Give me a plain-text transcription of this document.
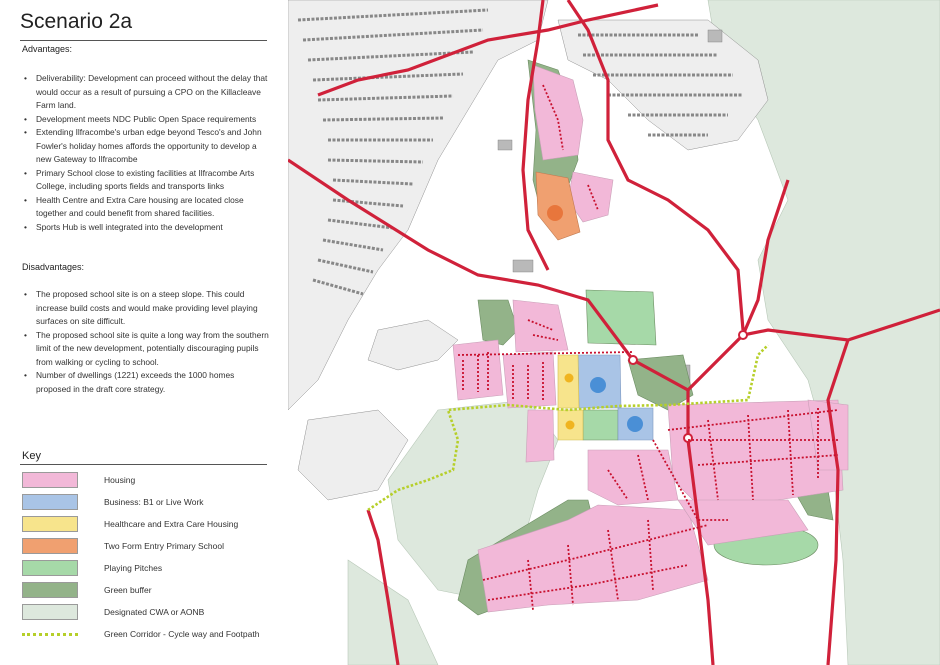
Scenario 2a
Advantages:
• Deliverability: Development can proceed without the delay that would occur as a result of pursuing a CPO on the Killacleave Farm land.
• Development meets NDC Public Open Space requirements
• Extending Ilfracombe's urban edge beyond Tesco's and John Fowler's holiday homes affords the opportunity to develop a new Gateway to Ilfracombe
• Primary School close to existing facilities at Ilfracombe Arts College, including sports fields and transports links
• Health Centre and Extra Care housing are located close together and could benefit from shared facilities.
• Sports Hub is well integrated into the development
Disadvantages:
• The proposed school site is on a steep slope. This could increase build costs and would make providing level playing surfaces on site difficult.
• The proposed school site is quite a long way from the southern limit of the new development, potentially discouraging pupils from walking or cycling to school.
• Number of dwellings (1221) exceeds the 1000 homes proposed in the draft core strategy.
Key
Housing
Business: B1 or Live Work
Healthcare and Extra Care Housing
Two Form Entry Primary School
Playing Pitches
Green buffer
Designated CWA or AONB
Green Corridor - Cycle way and Footpath
